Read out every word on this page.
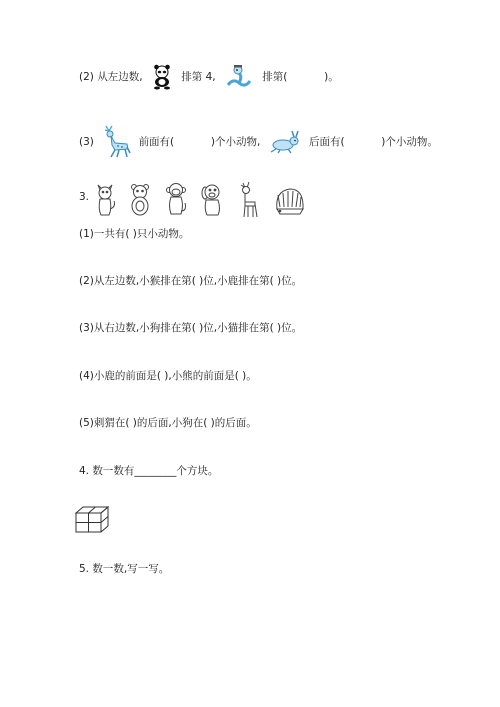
(2) 从左边数,	排第 4,	排第(	)。
(3)	前面有(	)个小动物,	后面有(	)个小动物。
3.

(1)一共有( )只小动物。
(2)从左边数,小猴排在第( )位,小鹿排在第( )位。
(3)从右边数,小狗排在第( )位,小猫排在第( )位。
(4)小鹿的前面是( ),小熊的前面是( )。
(5)刺猬在( )的后面,小狗在( )的后面。
4. 数一数有________个方块。
5. 数一数,写一写。
